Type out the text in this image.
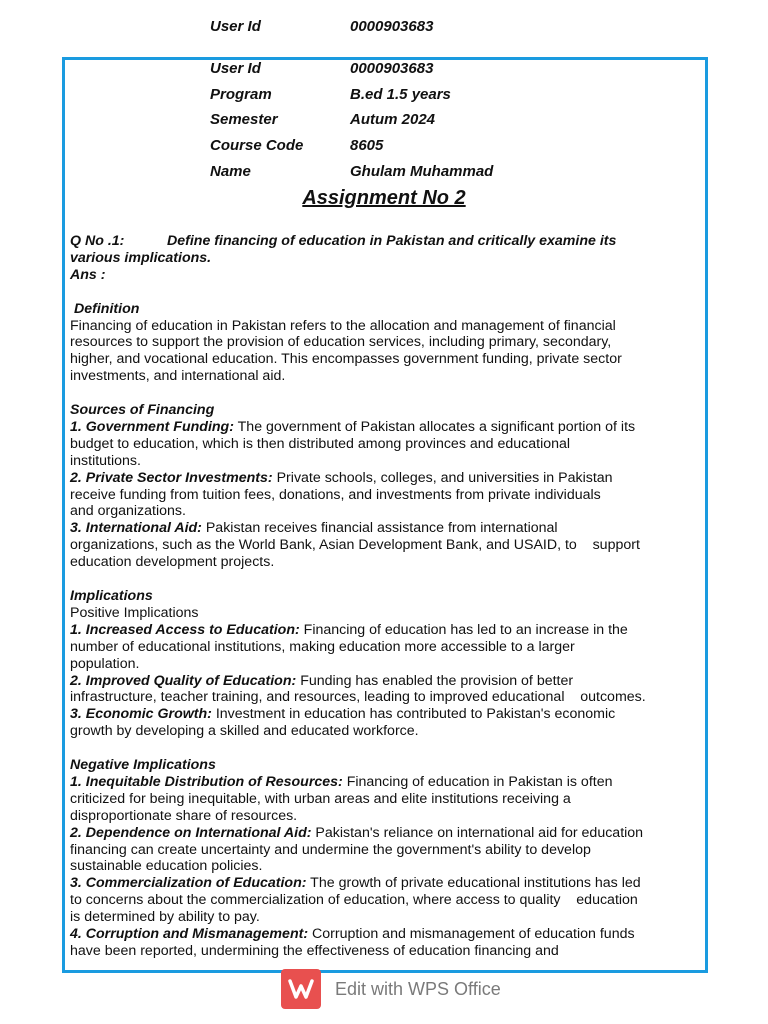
User Id	0000903683
User Id	0000903683
Program	B.ed 1.5 years
Semester	Autum 2024
Course Code	8605
Name	Ghulam Muhammad
Assignment No 2

Q No .1:	Define financing of education in Pakistan and critically examine its

various implications.

Ans :

Definition

Financing of education in Pakistan refers to the allocation and management of financial

resources to support the provision of education services, including primary, secondary,

higher, and vocational education. This encompasses government funding, private sector

investments, and international aid.

Sources of Financing

1. Government Funding: The government of Pakistan allocates a significant portion of its

budget to education, which is then distributed among provinces and educational

institutions.

2. Private Sector Investments: Private schools, colleges, and universities in Pakistan

receive funding from tuition fees, donations, and investments from private individuals

and organizations.

3. International Aid: Pakistan receives financial assistance from international

organizations, such as the World Bank, Asian Development Bank, and USAID, to    support

education development projects.

Implications

Positive Implications

1. Increased Access to Education: Financing of education has led to an increase in the

number of educational institutions, making education more accessible to a larger

population.

2. Improved Quality of Education: Funding has enabled the provision of better

infrastructure, teacher training, and resources, leading to improved educational    outcomes.

3. Economic Growth: Investment in education has contributed to Pakistan's economic

growth by developing a skilled and educated workforce.

Negative Implications

1. Inequitable Distribution of Resources: Financing of education in Pakistan is often

criticized for being inequitable, with urban areas and elite institutions receiving a

disproportionate share of resources.

2. Dependence on International Aid: Pakistan's reliance on international aid for education

financing can create uncertainty and undermine the government's ability to develop

sustainable education policies.

3. Commercialization of Education: The growth of private educational institutions has led

to concerns about the commercialization of education, where access to quality    education

is determined by ability to pay.

4. Corruption and Mismanagement: Corruption and mismanagement of education funds

have been reported, undermining the effectiveness of education financing and

Edit with WPS Office
